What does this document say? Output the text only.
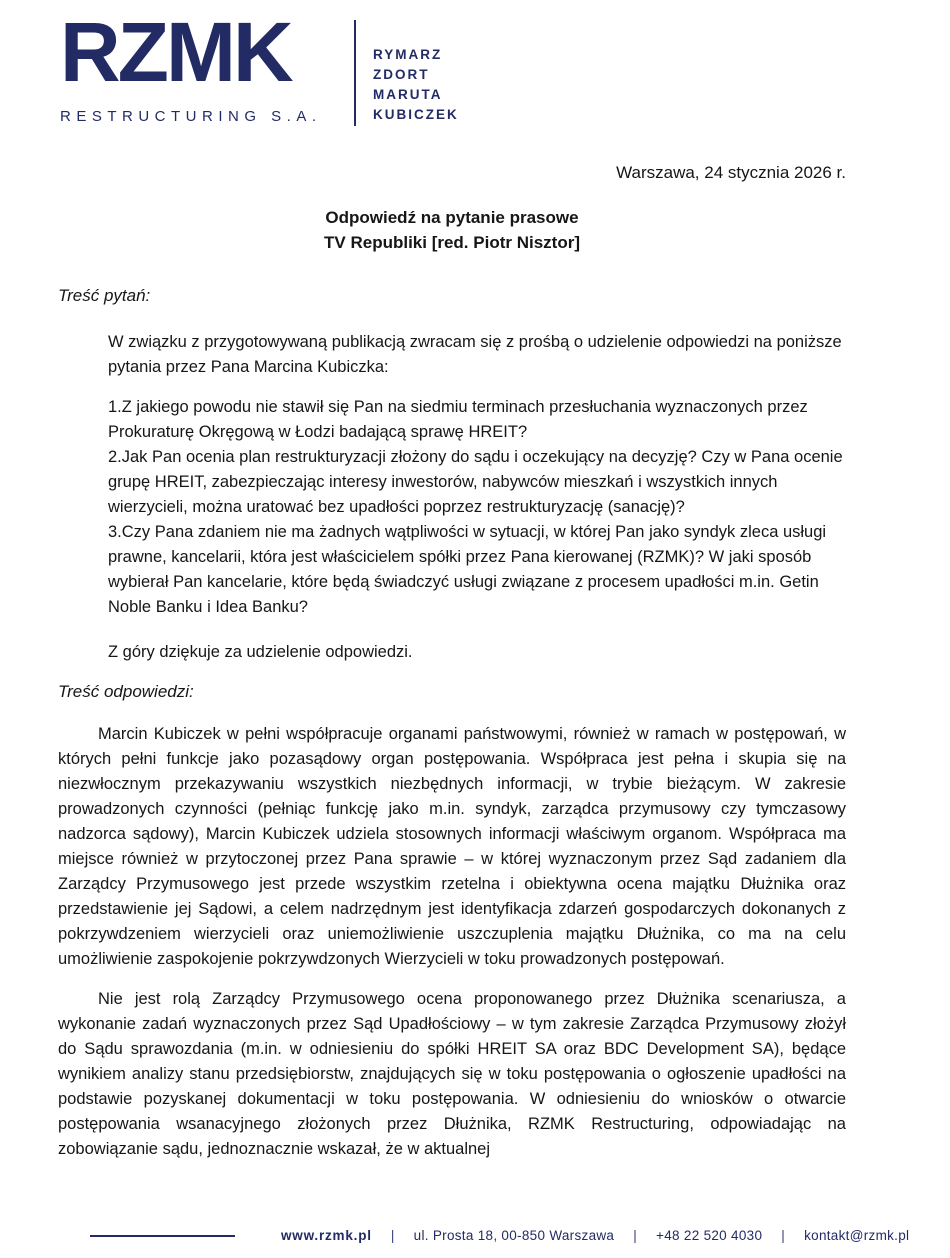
RZMK
RESTRUCTURING S.A.
RYMARZ
ZDORT
MARUTA
KUBICZEK
Warszawa, 24 stycznia 2026 r.
Odpowiedź na pytanie prasowe
TV Republiki [red. Piotr Nisztor]
Treść pytań:
W związku z przygotowywaną publikacją zwracam się z prośbą o udzielenie odpowiedzi na poniższe pytania przez Pana Marcina Kubiczka:

1.Z jakiego powodu nie stawił się Pan na siedmiu terminach przesłuchania wyznaczonych przez Prokuraturę Okręgową w Łodzi badającą sprawę HREIT?

2.Jak Pan ocenia plan restrukturyzacji złożony do sądu i oczekujący na decyzję? Czy w Pana ocenie grupę HREIT, zabezpieczając interesy inwestorów, nabywców mieszkań i wszystkich innych wierzycieli, można uratować bez upadłości poprzez restrukturyzację (sanację)?

3.Czy Pana zdaniem nie ma żadnych wątpliwości w sytuacji, w której Pan jako syndyk zleca usługi prawne, kancelarii, która jest właścicielem spółki przez Pana kierowanej (RZMK)? W jaki sposób wybierał Pan kancelarie, które będą świadczyć usługi związane z procesem upadłości m.in. Getin Noble Banku i Idea Banku?

Z góry dziękuje za udzielenie odpowiedzi.
Treść odpowiedzi:

Marcin Kubiczek w pełni współpracuje organami państwowymi, również w ramach w postępowań, w których pełni funkcje jako pozasądowy organ postępowania. Współpraca jest pełna i skupia się na niezwłocznym przekazywaniu wszystkich niezbędnych informacji, w trybie bieżącym. W zakresie prowadzonych czynności (pełniąc funkcję jako m.in. syndyk, zarządca przymusowy czy tymczasowy nadzorca sądowy), Marcin Kubiczek udziela stosownych informacji właściwym organom. Współpraca ma miejsce również w przytoczonej przez Pana sprawie – w której wyznaczonym przez Sąd zadaniem dla Zarządcy Przymusowego jest przede wszystkim rzetelna i obiektywna ocena majątku Dłużnika oraz przedstawienie jej Sądowi, a celem nadrzędnym jest identyfikacja zdarzeń gospodarczych dokonanych z pokrzywdzeniem wierzycieli oraz uniemożliwienie uszczuplenia majątku Dłużnika, co ma na celu umożliwienie zaspokojenie pokrzywdzonych Wierzycieli w toku prowadzonych postępowań.

Nie jest rolą Zarządcy Przymusowego ocena proponowanego przez Dłużnika scenariusza, a wykonanie zadań wyznaczonych przez Sąd Upadłościowy – w tym zakresie Zarządca Przymusowy złożył do Sądu sprawozdania (m.in. w odniesieniu do spółki HREIT SA oraz BDC Development SA), będące wynikiem analizy stanu przedsiębiorstw, znajdujących się w toku postępowania o ogłoszenie upadłości na podstawie pozyskanej dokumentacji w toku postępowania. W odniesieniu do wniosków o otwarcie postępowania wsanacyjnego złożonych przez Dłużnika, RZMK Restructuring, odpowiadając na zobowiązanie sądu, jednoznacznie wskazał, że w aktualnej

www.rzmk.pl | ul. Prosta 18, 00-850 Warszawa | +48 22 520 4030 | kontakt@rzmk.pl
